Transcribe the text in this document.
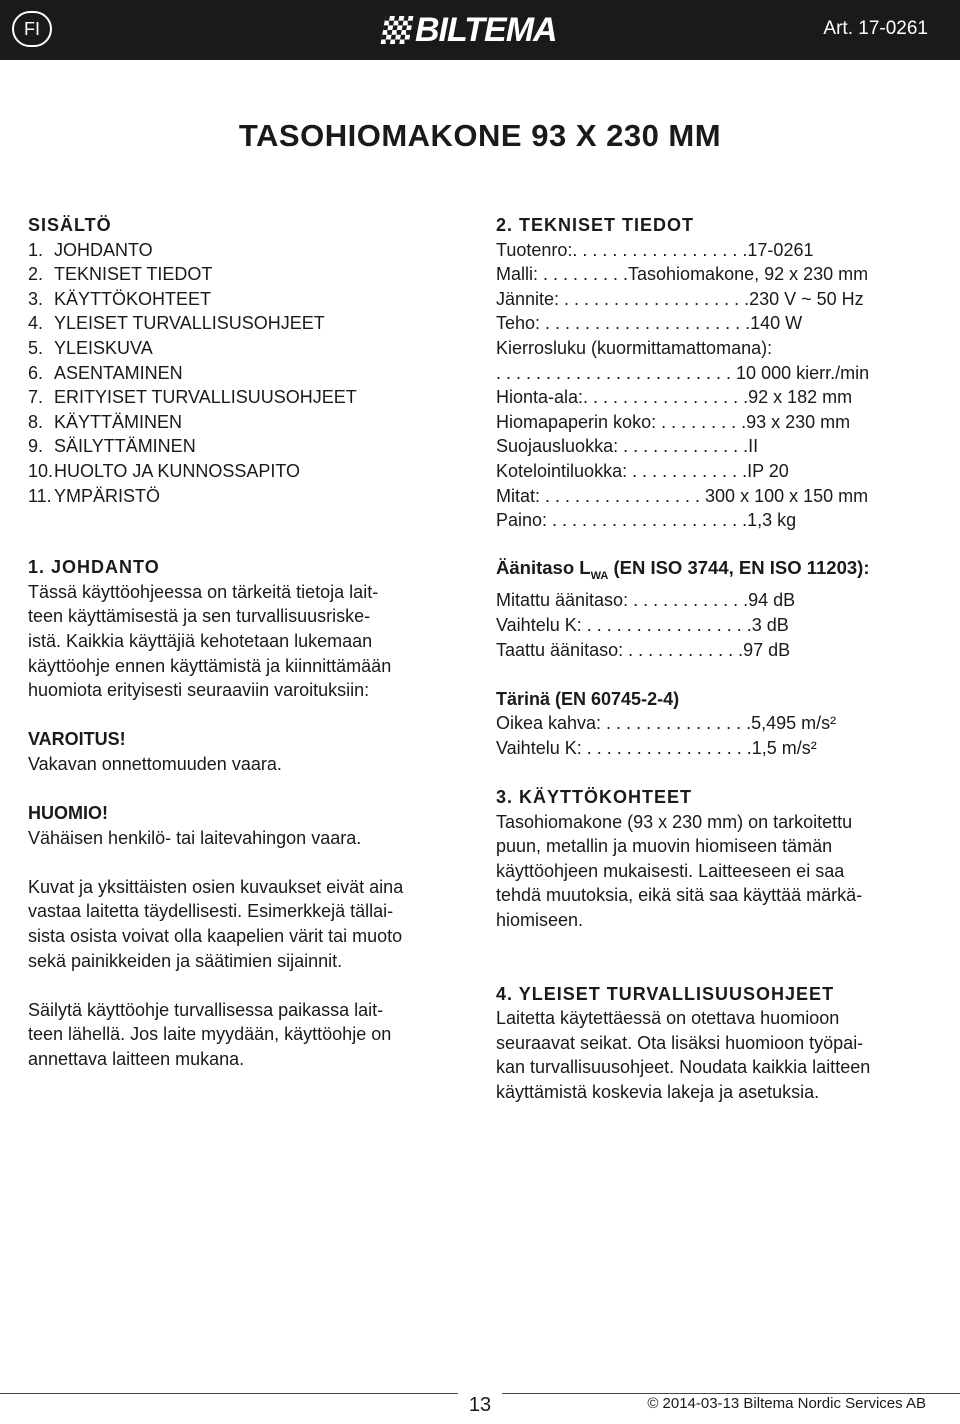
FI	BILTEMA	Art. 17-0261
TASOHIOMAKONE 93 X 230 MM
SISÄLTÖ
1. JOHDANTO
2. TEKNISET TIEDOT
3. KÄYTTÖKOHTEET
4. YLEISET TURVALLISUSOHJEET
5. YLEISKUVA
6. ASENTAMINEN
7. ERITYISET TURVALLISUUSOHJEET
8. KÄYTTÄMINEN
9. SÄILYTTÄMINEN
10. HUOLTO JA KUNNOSSAPITO
11. YMPÄRISTÖ
1. JOHDANTO
Tässä käyttöohjeessa on tärkeitä tietoja lait-
teen käyttämisestä ja sen turvallisuusriske-
istä. Kaikkia käyttäjiä kehotetaan lukemaan
käyttöohje ennen käyttämistä ja kiinnittämään
huomiota erityisesti seuraaviin varoituksiin:
VAROITUS!
Vakavan onnettomuuden vaara.
HUOMIO!
Vähäisen henkilö- tai laitevahingon vaara.
Kuvat ja yksittäisten osien kuvaukset eivät aina
vastaa laitetta täydellisesti. Esimerkkejä tällai-
sista osista voivat olla kaapelien värit tai muoto
sekä painikkeiden ja säätimien sijainnit.
Säilytä käyttöohje turvallisessa paikassa lait-
teen lähellä. Jos laite myydään, käyttöohje on
annettava laitteen mukana.
2. TEKNISET TIEDOT
Tuotenro:. . . . . . . . . . . . . . . . . .17-0261
Malli: . . . . . . . . .Tasohiomakone, 92 x 230 mm
Jännite: . . . . . . . . . . . . . . . . . . .230 V ~ 50 Hz
Teho: . . . . . . . . . . . . . . . . . . . . .140 W
Kierrosluku (kuormittamattomana):
. . . . . . . . . . . . . . . . . . . . . . . . 10 000 kierr./min
Hionta-ala:. . . . . . . . . . . . . . . . .92 x 182 mm
Hiomapaperin koko: . . . . . . . . .93 x 230 mm
Suojausluokka: . . . . . . . . . . . . .II
Kotelointiluokka: . . . . . . . . . . . .IP 20
Mitat: . . . . . . . . . . . . . . . . 300 x 100 x 150 mm
Paino: . . . . . . . . . . . . . . . . . . . .1,3 kg
Äänitaso $L_{WA}$ (EN ISO 3744, EN ISO 11203):
Mitattu äänitaso: . . . . . . . . . . . .94 dB
Vaihtelu K: . . . . . . . . . . . . . . . . .3 dB
Taattu äänitaso: . . . . . . . . . . . .97 dB
Tärinä (EN 60745-2-4)
Oikea kahva: . . . . . . . . . . . . . . .5,495 m/s²
Vaihtelu K: . . . . . . . . . . . . . . . . .1,5 m/s²
3. KÄYTTÖKOHTEET
Tasohiomakone (93 x 230 mm) on tarkoitettu
puun, metallin ja muovin hiomiseen tämän
käyttöohjeen mukaisesti. Laitteeseen ei saa
tehdä muutoksia, eikä sitä saa käyttää märkä-
hiomiseen.
4. YLEISET TURVALLISUUSOHJEET
Laitetta käytettäessä on otettava huomioon
seuraavat seikat. Ota lisäksi huomioon työpai-
kan turvallisuusohjeet. Noudata kaikkia laitteen
käyttämistä koskevia lakeja ja asetuksia.
13	© 2014-03-13 Biltema Nordic Services AB
